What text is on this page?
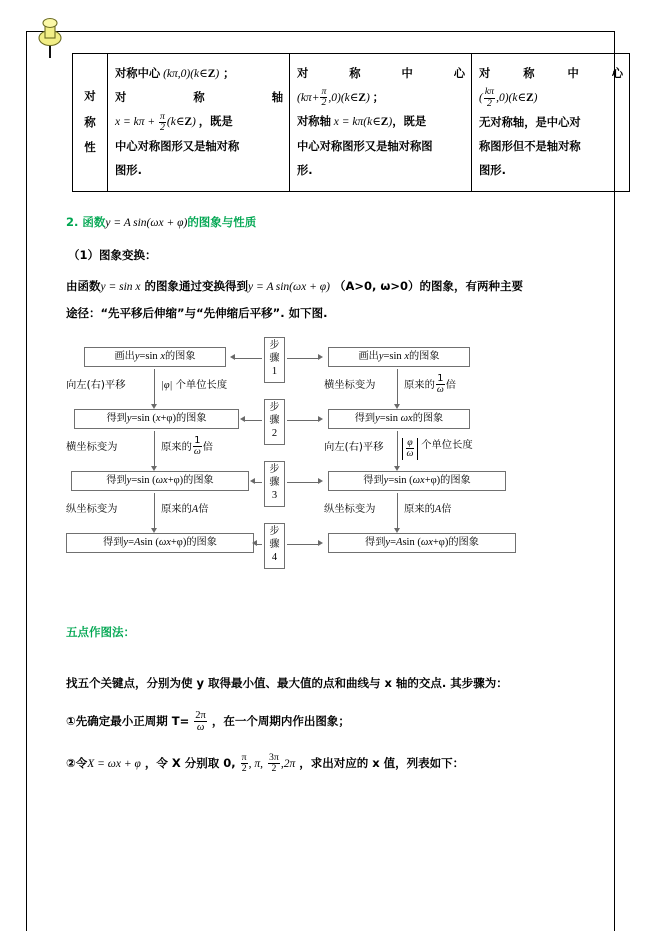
对
称
性

对称中心 (kπ,0)(k∈Z) ；
对　称　轴
$x = k\pi + \frac{\pi}{2}$ (k∈Z) ，既是
中心对称图形又是轴对称
图形.

对　称　中　心
($k\pi+ \frac{\pi}{2}$ ,0)(k∈Z) ；
对称轴 x = kπ(k∈Z)，既是
中心对称图形又是轴对称图
形.

对　称　中　心
( $\frac{k\pi}{2}$ ,0)(k∈Z)
无对称轴，是中心对
称图形但不是轴对称
图形.
2. 函数y = A sin(ωx + φ)的图象与性质
（1）图象变换：
由函数y = sin x 的图象通过变换得到y = A sin(ωx + φ) （A>0, ω>0）的图象，有两种主要
途径：“先平移后伸缩”与“先伸缩后平移”. 如下图.
画出y=sin x的图象
向左(右)平移	|φ| 个单位长度
得到y=sin (x+φ)的图象
横坐标变为	原来的 $\frac{1}{\omega}$ 倍
得到y=sin (ωx+φ)的图象
纵坐标变为	原来的A倍
得到y=Asin (ωx+φ)的图象
步
骤
1
步
骤
2
步
骤
3
步
骤
4
画出y=sin x的图象
横坐标变为	原来的 $\frac{1}{\omega}$ 倍
得到y=sin ωx的图象
向左(右)平移 $\frac{\varphi}{\omega}$ 个单位长度
得到y=sin (ωx+φ)的图象
纵坐标变为	原来的A倍
得到y=Asin (ωx+φ)的图象
五点作图法：
找五个关键点，分别为使 y 取得最小值、最大值的点和曲线与 x 轴的交点. 其步骤为：
①先确定最小正周期 $T= \frac{2\pi}{\omega}$ ，在一个周期内作出图象；
②令X = ωx + φ ，令 X 分别取 0, $\frac{\pi}{2}$ , π, $\frac{3\pi}{2} ,2\pi$ ，求出对应的 x 值，列表如下：
